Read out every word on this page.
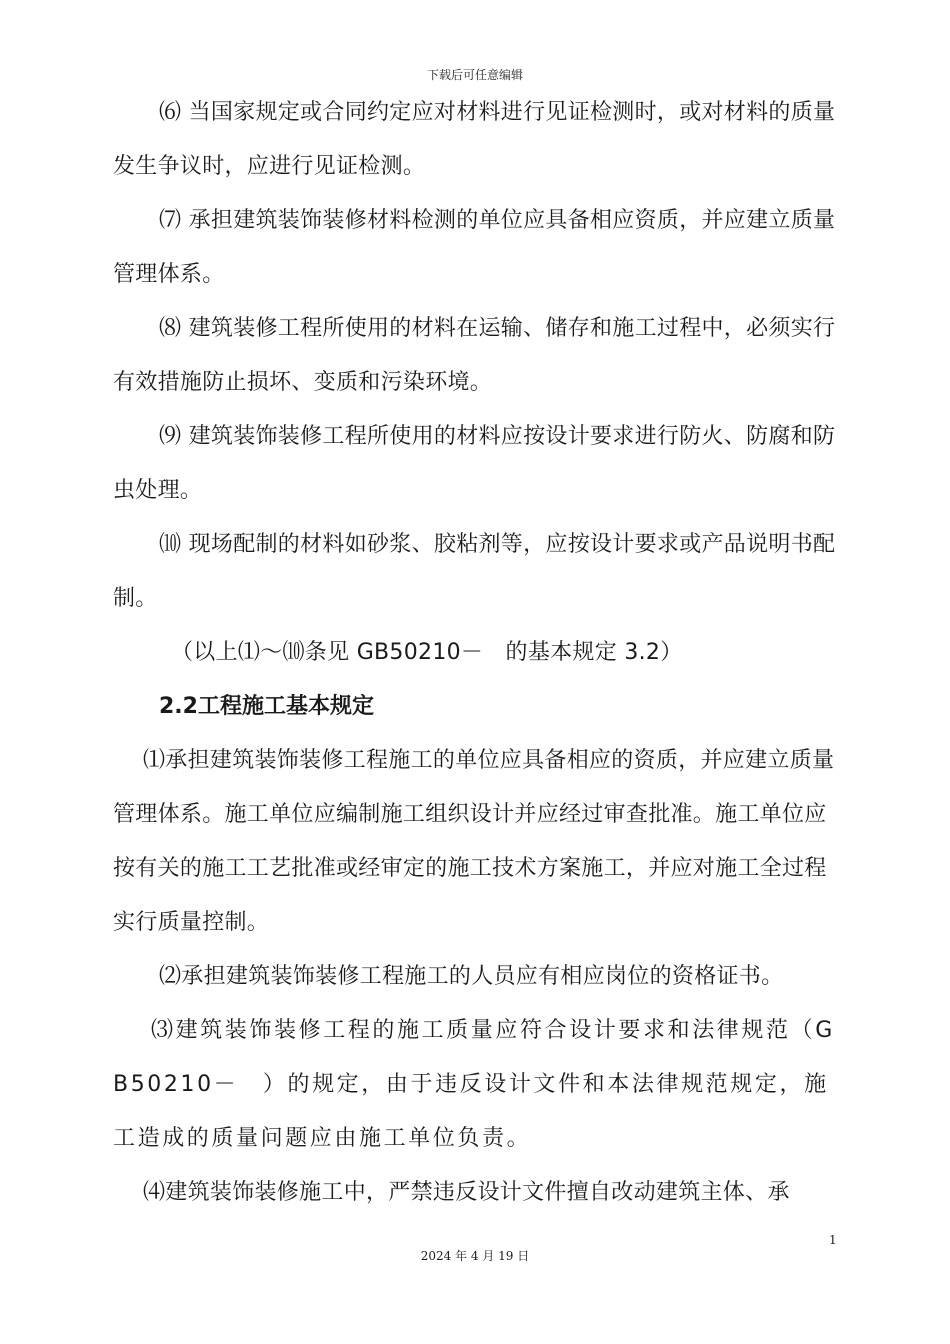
下载后可任意编辑

⑹ 当国家规定或合同约定应对材料进行见证检测时，或对材料的质量发生争议时，应进行见证检测。

⑺ 承担建筑装饰装修材料检测的单位应具备相应资质，并应建立质量管理体系。

⑻ 建筑装修工程所使用的材料在运输、储存和施工过程中，必须实行有效措施防止损坏、变质和污染环境。

⑼ 建筑装饰装修工程所使用的材料应按设计要求进行防火、防腐和防虫处理。

⑽ 现场配制的材料如砂浆、胶粘剂等，应按设计要求或产品说明书配制。

（以上⑴～⑽条见 GB50210－　的基本规定 3.2）

2.2工程施工基本规定

⑴承担建筑装饰装修工程施工的单位应具备相应的资质，并应建立质量管理体系。施工单位应编制施工组织设计并应经过审查批准。施工单位应按有关的施工工艺批准或经审定的施工技术方案施工，并应对施工全过程实行质量控制。

⑵承担建筑装饰装修工程施工的人员应有相应岗位的资格证书。

⑶建筑装饰装修工程的施工质量应符合设计要求和法律规范（GB50210－　）的规定，由于违反设计文件和本法律规范规定，施工造成的质量问题应由施工单位负责。

⑷建筑装饰装修施工中，严禁违反设计文件擅自改动建筑主体、承

1
2024 年 4 月 19 日
